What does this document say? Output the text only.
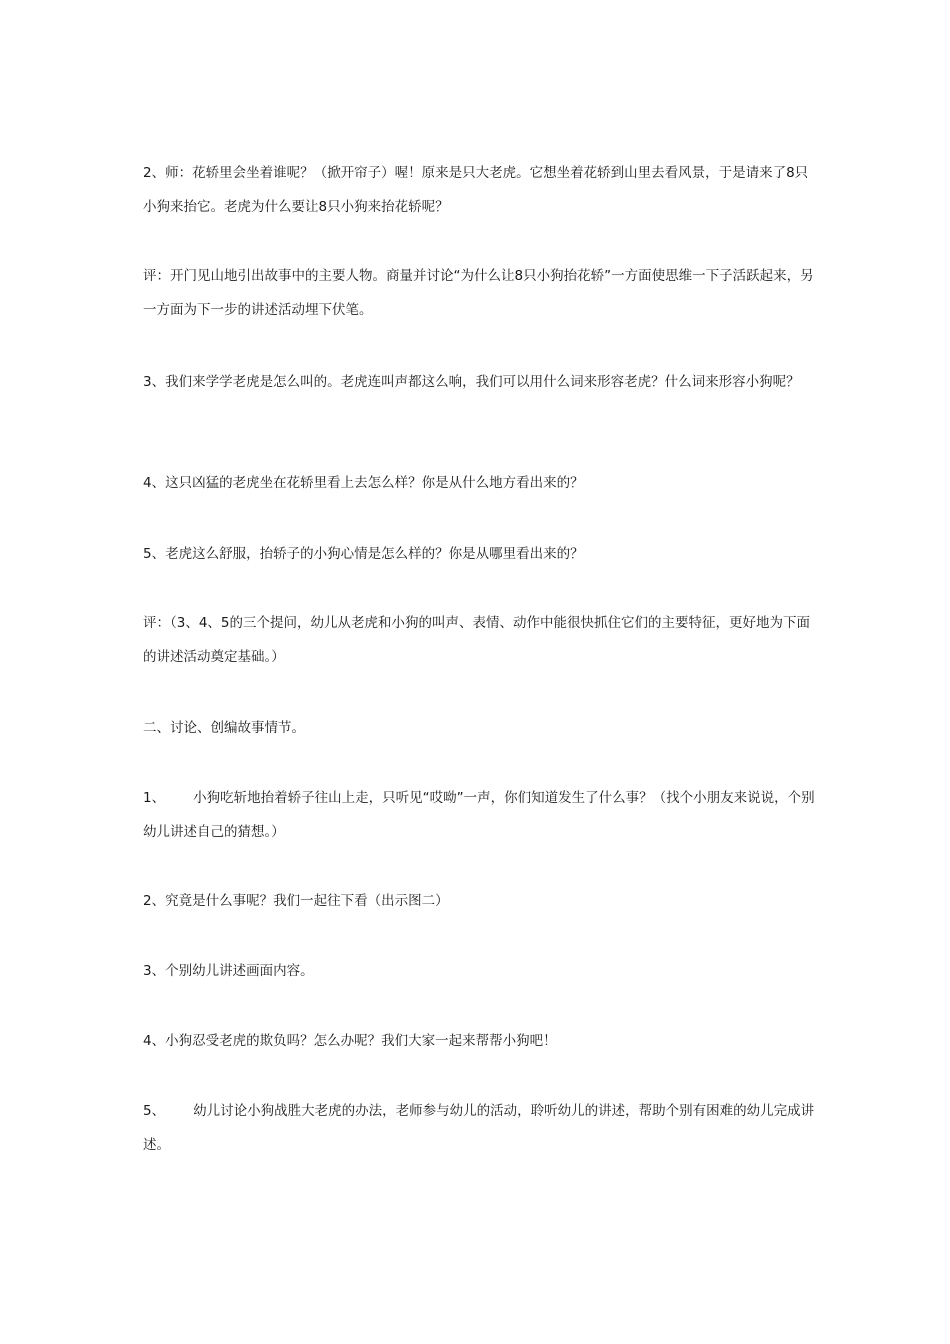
2、师：花轿里会坐着谁呢？（掀开帘子）喔！原来是只大老虎。它想坐着花轿到山里去看风景，于是请来了8只小狗来抬它。老虎为什么要让8只小狗来抬花轿呢？

评：开门见山地引出故事中的主要人物。商量并讨论“为什么让8只小狗抬花轿”一方面使思维一下子活跃起来，另一方面为下一步的讲述活动埋下伏笔。

3、我们来学学老虎是怎么叫的。老虎连叫声都这么响，我们可以用什么词来形容老虎？什么词来形容小狗呢？

4、这只凶猛的老虎坐在花轿里看上去怎么样？你是从什么地方看出来的？

5、老虎这么舒服，抬轿子的小狗心情是怎么样的？你是从哪里看出来的？

评：（3、4、5的三个提问，幼儿从老虎和小狗的叫声、表情、动作中能很快抓住它们的主要特征，更好地为下面的讲述活动奠定基础。）

二、讨论、创编故事情节。

1、 小狗吃斩地抬着轿子往山上走，只听见“哎呦”一声，你们知道发生了什么事？（找个小朋友来说说，个别幼儿讲述自己的猜想。）

2、究竟是什么事呢？我们一起往下看（出示图二）

3、个别幼儿讲述画面内容。

4、小狗忍受老虎的欺负吗？怎么办呢？我们大家一起来帮帮小狗吧！

5、 幼儿讨论小狗战胜大老虎的办法，老师参与幼儿的活动，聆听幼儿的讲述，帮助个别有困难的幼儿完成讲述。
